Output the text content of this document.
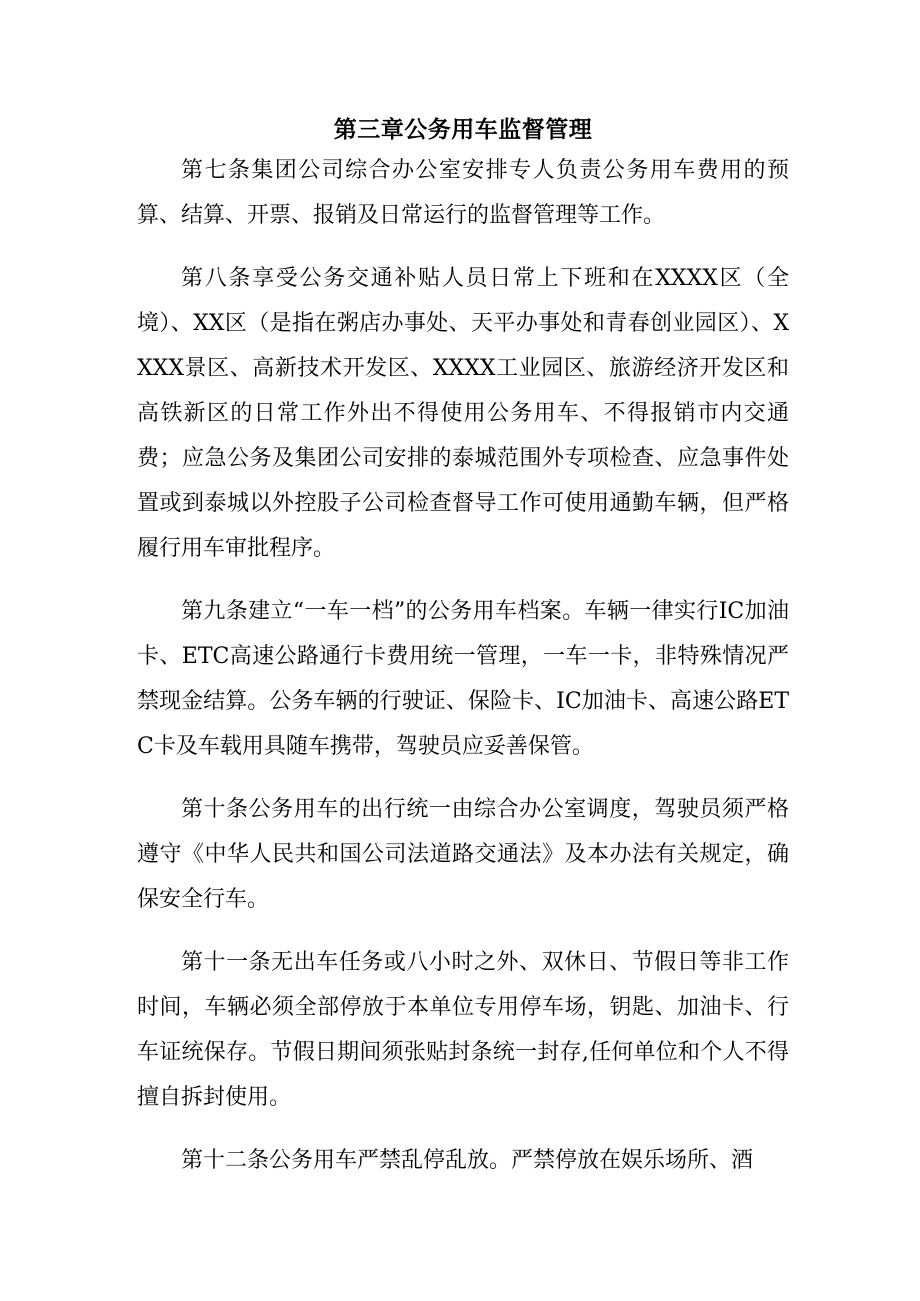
第三章公务用车监督管理

第七条集团公司综合办公室安排专人负责公务用车费用的预算、结算、开票、报销及日常运行的监督管理等工作。

第八条享受公务交通补贴人员日常上下班和在XXXX区（全境）、XX区（是指在粥店办事处、天平办事处和青春创业园区）、XXXX景区、高新技术开发区、XXXX工业园区、旅游经济开发区和高铁新区的日常工作外出不得使用公务用车、不得报销市内交通费；应急公务及集团公司安排的泰城范围外专项检查、应急事件处置或到泰城以外控股子公司检查督导工作可使用通勤车辆，但严格履行用车审批程序。

第九条建立“一车一档”的公务用车档案。车辆一律实行IC加油卡、ETC高速公路通行卡费用统一管理，一车一卡，非特殊情况严禁现金结算。公务车辆的行驶证、保险卡、IC加油卡、高速公路ETC卡及车载用具随车携带，驾驶员应妥善保管。

第十条公务用车的出行统一由综合办公室调度，驾驶员须严格遵守《中华人民共和国公司法道路交通法》及本办法有关规定，确保安全行车。

第十一条无出车任务或八小时之外、双休日、节假日等非工作时间，车辆必须全部停放于本单位专用停车场，钥匙、加油卡、行车证统保存。节假日期间须张贴封条统一封存,任何单位和个人不得擅自拆封使用。

第十二条公务用车严禁乱停乱放。严禁停放在娱乐场所、酒
